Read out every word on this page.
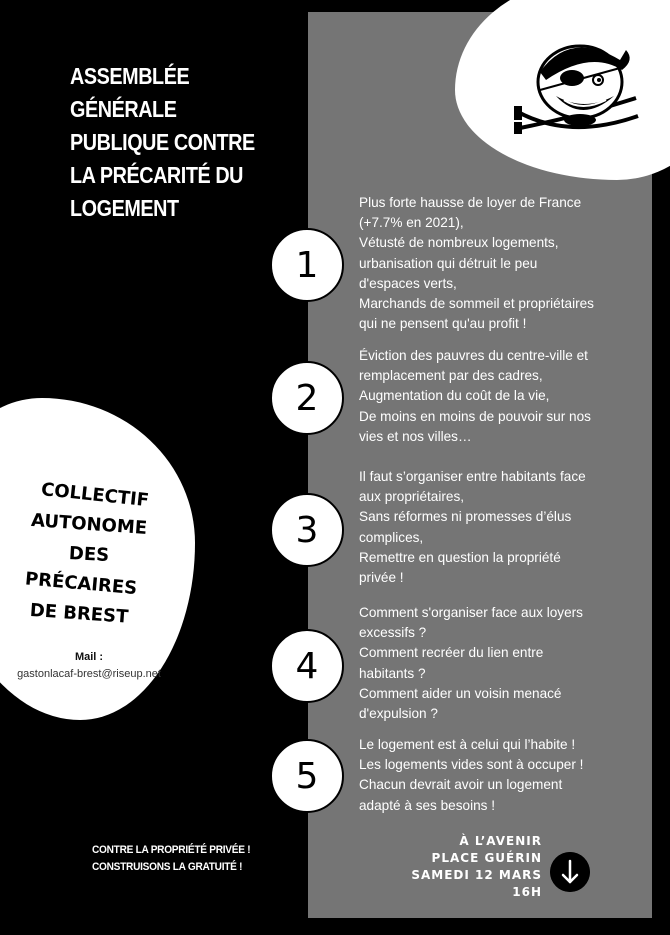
ASSEMBLÉE
GÉNÉRALE
PUBLIQUE CONTRE
LA PRÉCARITÉ DU
LOGEMENT
COLLECTIF
AUTONOME
DES
PRÉCAIRES
DE BREST
Mail :
gastonlacaf-brest@riseup.net
1
Plus forte hausse de loyer de France
(+7.7% en 2021),
Vétusté de nombreux logements,
urbanisation qui détruit le peu
d'espaces verts,
Marchands de sommeil et propriétaires
qui ne pensent qu'au profit !
2
Éviction des pauvres du centre-ville et
remplacement par des cadres,
Augmentation du coût de la vie,
De moins en moins de pouvoir sur nos
vies et nos villes…
3
Il faut s’organiser entre habitants face
aux propriétaires,
Sans réformes ni promesses d’élus
complices,
Remettre en question la propriété
privée !
4
Comment s'organiser face aux loyers
excessifs ?
Comment recréer du lien entre
habitants ?
Comment aider un voisin menacé
d'expulsion ?
5
Le logement est à celui qui l’habite !
Les logements vides sont à occuper !
Chacun devrait avoir un logement
adapté à ses besoins !
CONTRE LA PROPRIÉTÉ PRIVÉE !
CONSTRUISONS LA GRATUITÉ !
À L’AVENIR
PLACE GUÉRIN
SAMEDI 12 MARS
16H
